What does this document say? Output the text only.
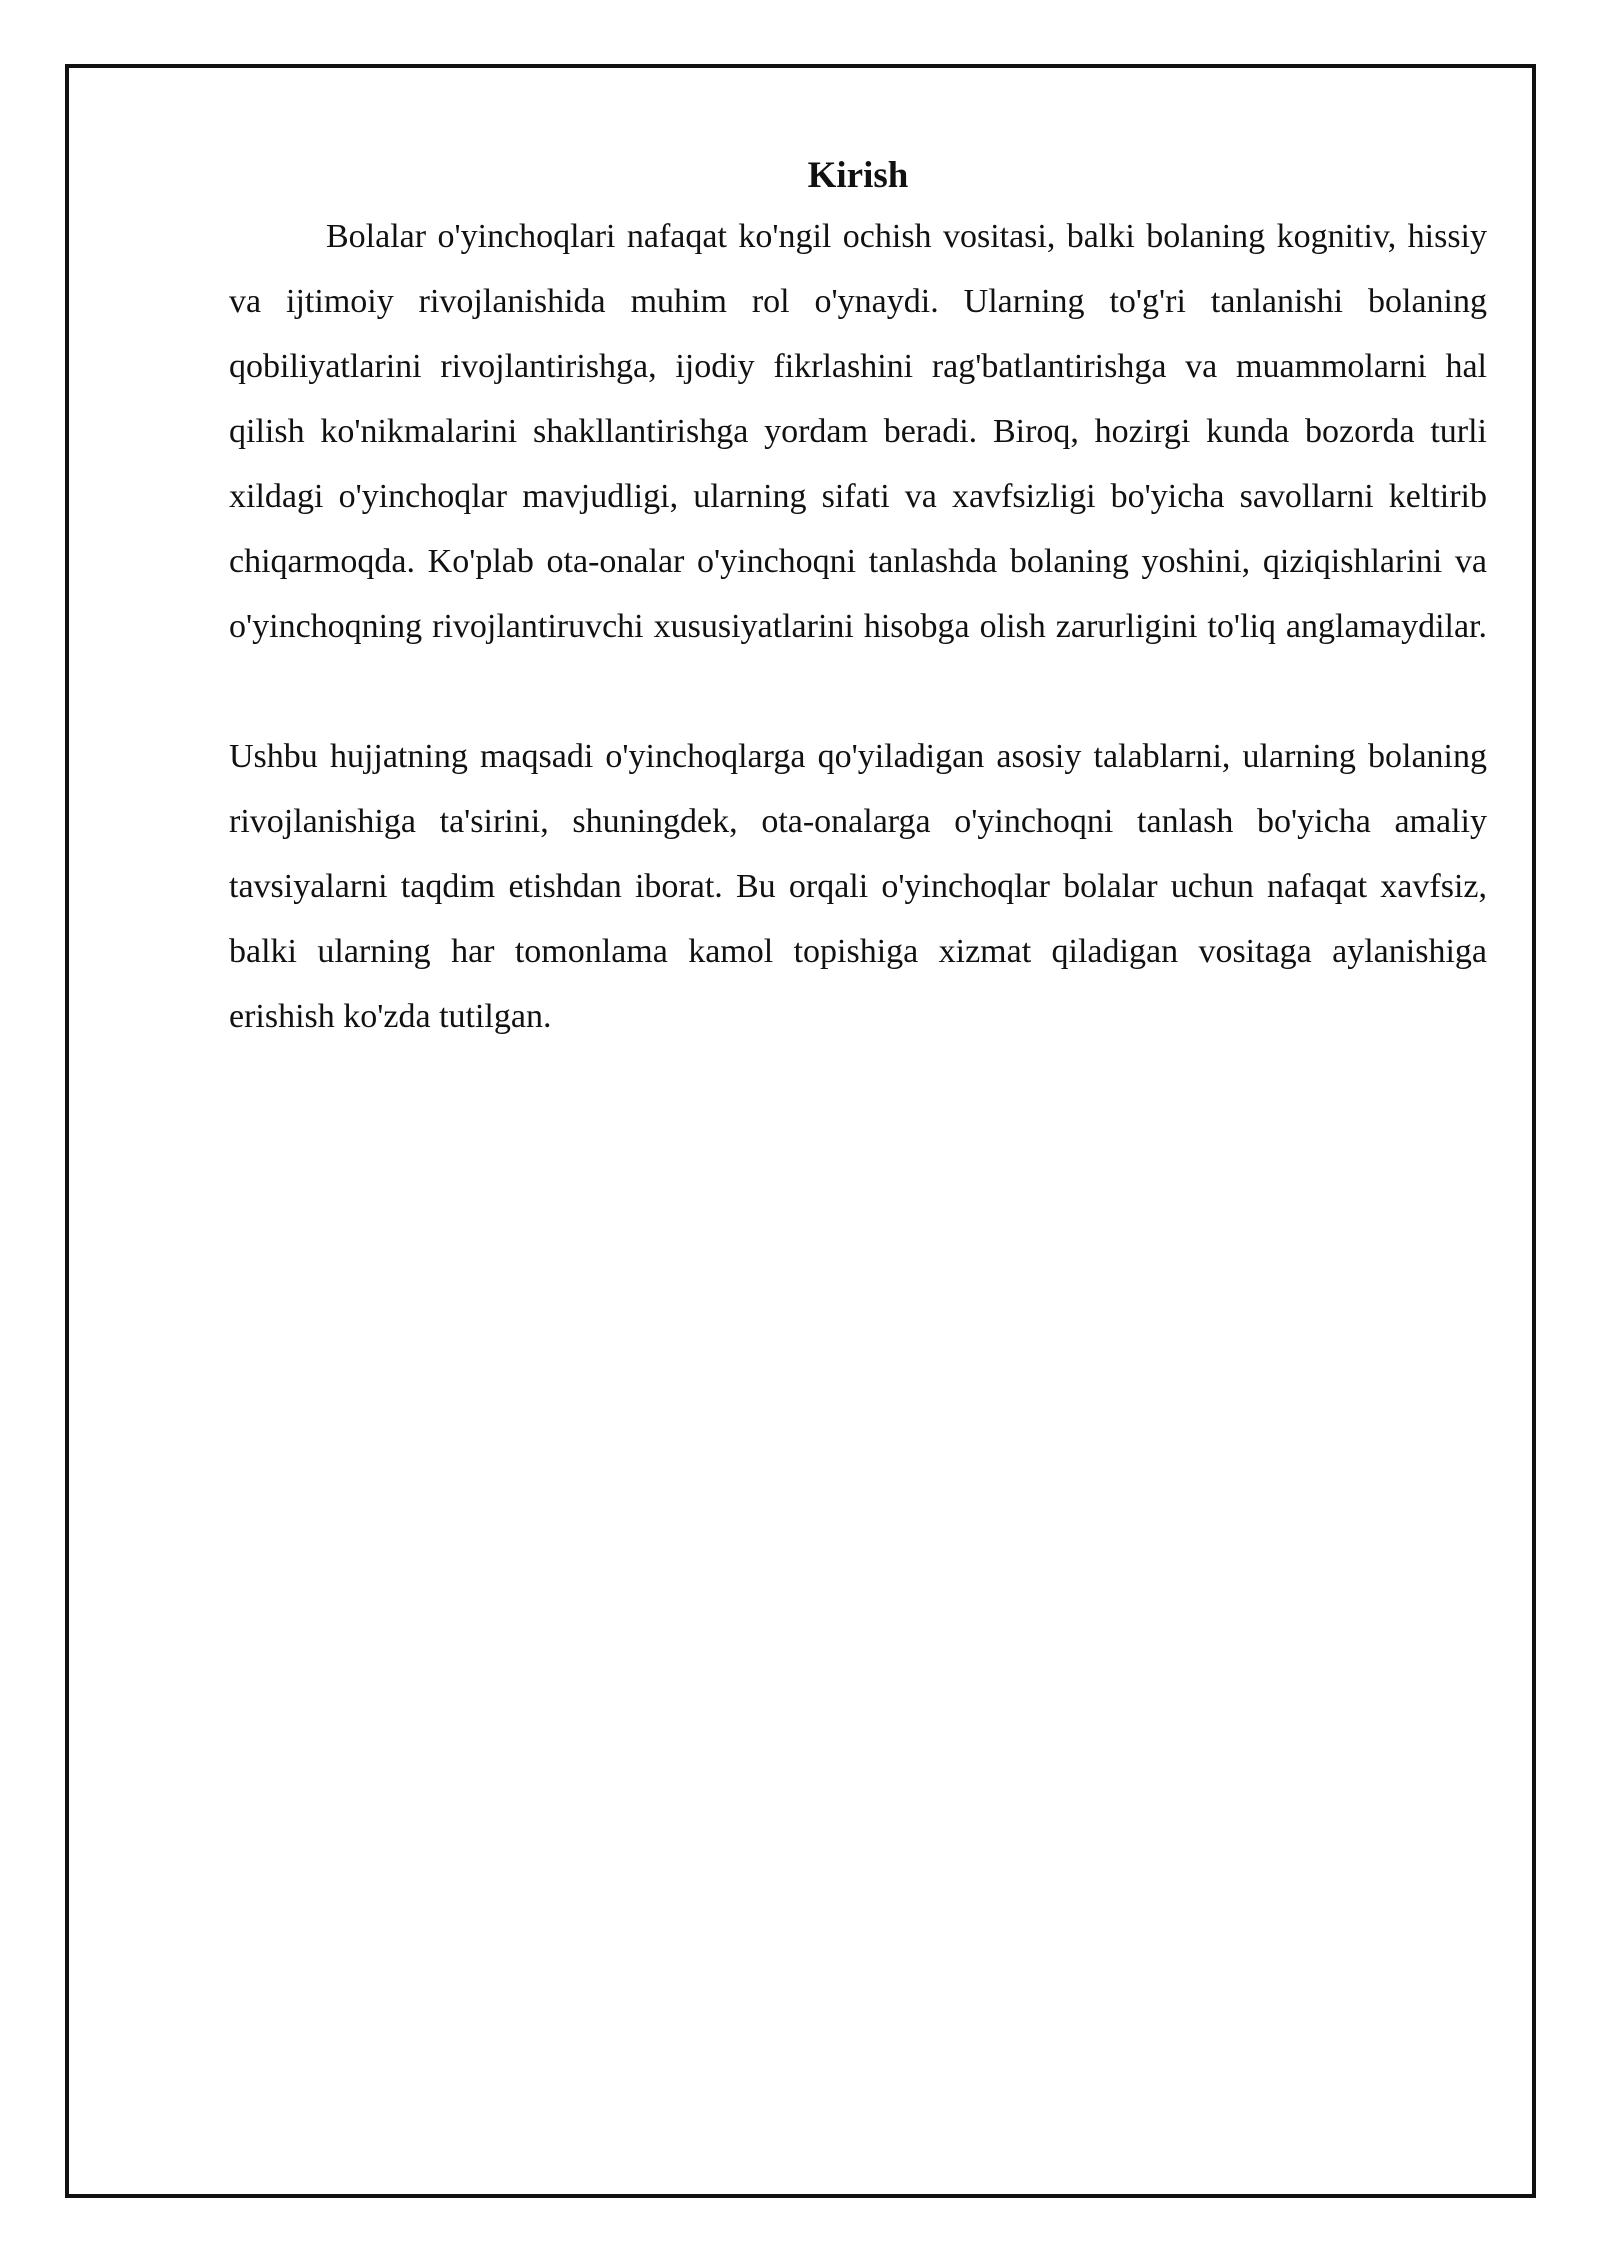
Kirish

Bolalar o'yinchoqlari nafaqat ko'ngil ochish vositasi, balki bolaning kognitiv, hissiy va ijtimoiy rivojlanishida muhim rol o'ynaydi. Ularning to'g'ri tanlanishi bolaning qobiliyatlarini rivojlantirishga, ijodiy fikrlashini rag'batlantirishga va muammolarni hal qilish ko'nikmalarini shakllantirishga yordam beradi. Biroq, hozirgi kunda bozorda turli xildagi o'yinchoqlar mavjudligi, ularning sifati va xavfsizligi bo'yicha savollarni keltirib chiqarmoqda. Ko'plab ota-onalar o'yinchoqni tanlashda bolaning yoshini, qiziqishlarini va o'yinchoqning rivojlantiruvchi xususiyatlarini hisobga olish zarurligini to'liq anglamaydilar.

Ushbu hujjatning maqsadi o'yinchoqlarga qo'yiladigan asosiy talablarni, ularning bolaning rivojlanishiga ta'sirini, shuningdek, ota-onalarga o'yinchoqni tanlash bo'yicha amaliy tavsiyalarni taqdim etishdan iborat. Bu orqali o'yinchoqlar bolalar uchun nafaqat xavfsiz, balki ularning har tomonlama kamol topishiga xizmat qiladigan vositaga aylanishiga erishish ko'zda tutilgan.
